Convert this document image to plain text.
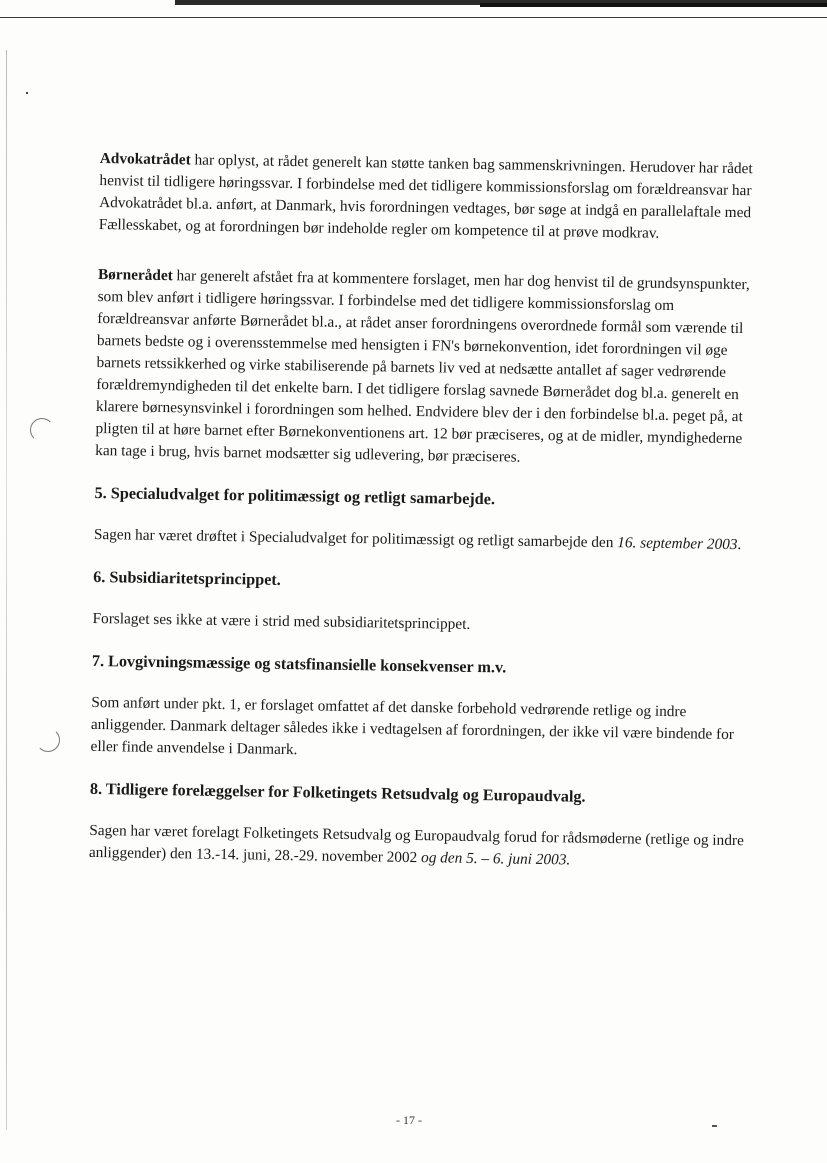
Advokatrådet har oplyst, at rådet generelt kan støtte tanken bag sammenskrivningen. Herudover har rådet henvist til tidligere høringssvar. I forbindelse med det tidligere kommissionsforslag om forældreansvar har Advokatrådet bl.a. anført, at Danmark, hvis forordningen vedtages, bør søge at indgå en parallelaftale med Fællesskabet, og at forordningen bør indeholde regler om kompetence til at prøve modkrav.

Børnerådet har generelt afstået fra at kommentere forslaget, men har dog henvist til de grundsynspunkter, som blev anført i tidligere høringssvar. I forbindelse med det tidligere kommissionsforslag om forældreansvar anførte Børnerådet bl.a., at rådet anser forordningens overordnede formål som værende til barnets bedste og i overensstemmelse med hensigten i FN's børnekonvention, idet forordningen vil øge barnets retssikkerhed og virke stabiliserende på barnets liv ved at nedsætte antallet af sager vedrørende forældremyndigheden til det enkelte barn. I det tidligere forslag savnede Børnerådet dog bl.a. generelt en klarere børnesynsvinkel i forordningen som helhed. Endvidere blev der i den forbindelse bl.a. peget på, at pligten til at høre barnet efter Børnekonventionens art. 12 bør præciseres, og at de midler, myndighederne kan tage i brug, hvis barnet modsætter sig udlevering, bør præciseres.

5. Specialudvalget for politimæssigt og retligt samarbejde.

Sagen har været drøftet i Specialudvalget for politimæssigt og retligt samarbejde den 16. september 2003.

6. Subsidiaritetsprincippet.

Forslaget ses ikke at være i strid med subsidiaritetsprincippet.

7. Lovgivningsmæssige og statsfinansielle konsekvenser m.v.

Som anført under pkt. 1, er forslaget omfattet af det danske forbehold vedrørende retlige og indre anliggender. Danmark deltager således ikke i vedtagelsen af forordningen, der ikke vil være bindende for eller finde anvendelse i Danmark.

8. Tidligere forelæggelser for Folketingets Retsudvalg og Europaudvalg.

Sagen har været forelagt Folketingets Retsudvalg og Europaudvalg forud for rådsmøderne (retlige og indre anliggender) den 13.-14. juni, 28.-29. november 2002 og den 5. – 6. juni 2003.

- 17 -
